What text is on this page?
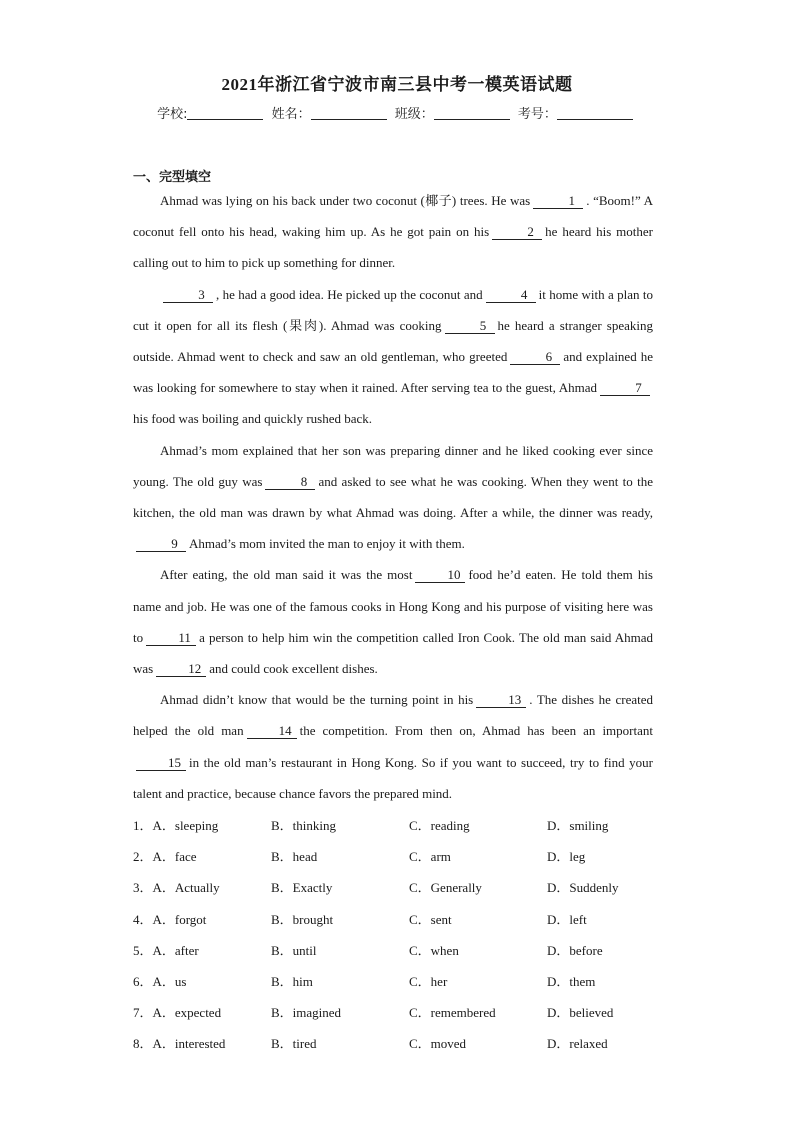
2021年浙江省宁波市南三县中考一模英语试题
学校:	姓名：	班级：	考号：
一、完型填空

Ahmad was lying on his back under two coconut (椰子) trees. He was	1 . “Boom!” A coconut fell onto his head, waking him up. As he got pain on his	2 he heard his mother calling out to him to pick up something for dinner.

3 , he had a good idea. He picked up the coconut and	4 it home with a plan to cut it open for all its flesh (果肉). Ahmad was cooking	5 he heard a stranger speaking outside. Ahmad went to check and saw an old gentleman, who greeted	6 and explained he was looking for somewhere to stay when it rained. After serving tea to the guest, Ahmad	7his food was boiling and quickly rushed back.

Ahmad’s mom explained that her son was preparing dinner and he liked cooking ever since young. The old guy was	8 and asked to see what he was cooking. When they went to the kitchen, the old man was drawn by what Ahmad was doing. After a while, the dinner was ready,9 Ahmad’s mom invited the man to enjoy it with them.

After eating, the old man said it was the most	10 food he’d eaten. He told them his name and job. He was one of the famous cooks in Hong Kong and his purpose of visiting here was to	11 a person to help him win the competition called Iron Cook. The old man said Ahmad was	12 and could cook excellent dishes.

Ahmad didn’t know that would be the turning point in his	13 . The dishes he created helped the old man	14 the competition. From then on, Ahmad has been an important15 in the old man’s restaurant in Hong Kong. So if you want to succeed, try to find your talent and practice, because chance favors the prepared mind.

1．A．sleeping	B．thinking	C．reading	D．smiling
2．A．face	B．head	C．arm	D．leg
3．A．Actually	B．Exactly	C．Generally	D．Suddenly
4．A．forgot	B．brought	C．sent	D．left
5．A．after	B．until	C．when	D．before
6．A．us	B．him	C．her	D．them
7．A．expected	B．imagined	C．remembered	D．believed
8．A．interested	B．tired	C．moved	D．relaxed
